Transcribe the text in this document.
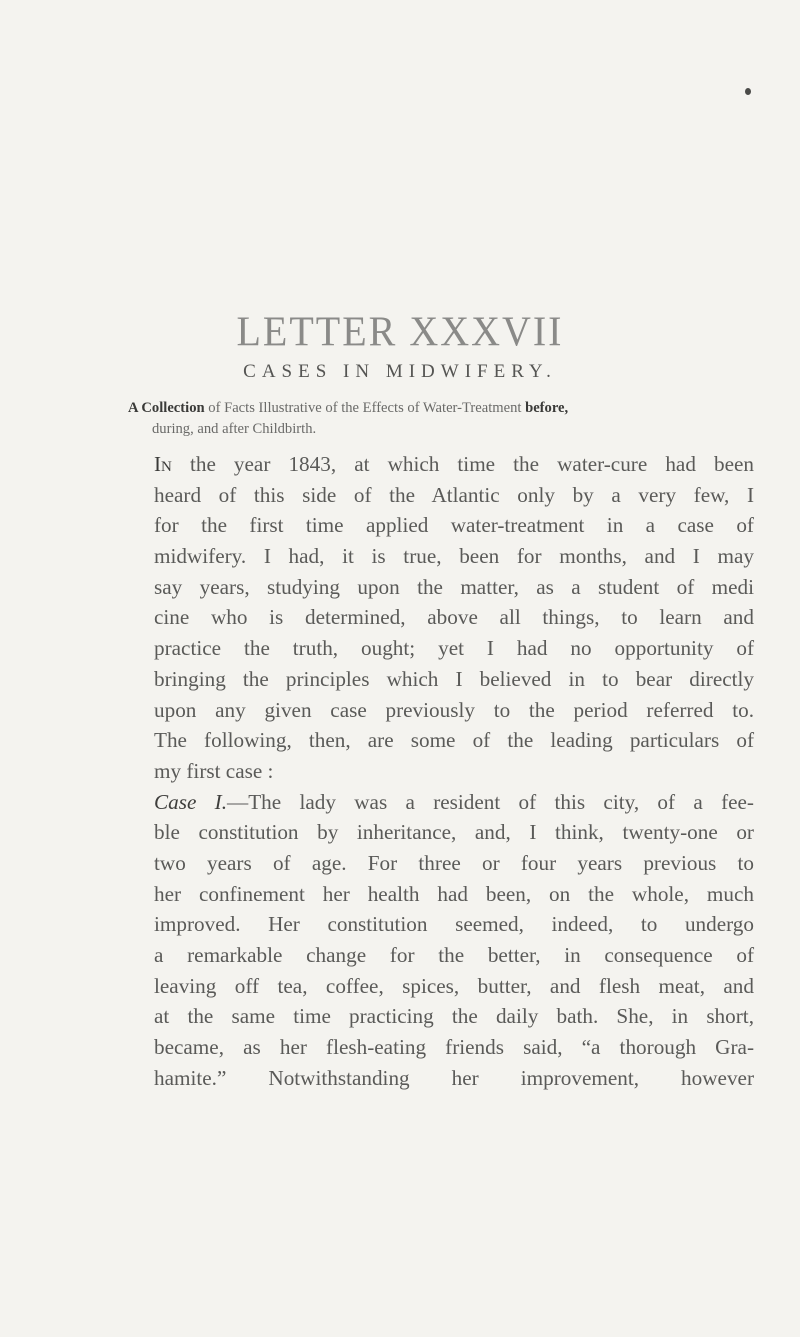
LETTER XXXVII
CASES IN MIDWIFERY.
A Collection of Facts Illustrative of the Effects of Water-Treatment before,
during, and after Childbirth.
In the year 1843, at which time the water-cure had been
heard of this side of the Atlantic only by a very few, I
for the first time applied water-treatment in a case of
midwifery. I had, it is true, been for months, and I may
say years, studying upon the matter, as a student of medi
cine who is determined, above all things, to learn and
practice the truth, ought; yet I had no opportunity of
bringing the principles which I believed in to bear directly
upon any given case previously to the period referred to.
The following, then, are some of the leading particulars of
my first case :
Case I.—The lady was a resident of this city, of a fee-
ble constitution by inheritance, and, I think, twenty-one or
two years of age. For three or four years previous to
her confinement her health had been, on the whole, much
improved. Her constitution seemed, indeed, to undergo
a remarkable change for the better, in consequence of
leaving off tea, coffee, spices, butter, and flesh meat, and
at the same time practicing the daily bath. She, in short,
became, as her flesh-eating friends said, “a thorough Gra-
hamite.” Notwithstanding her improvement, however
